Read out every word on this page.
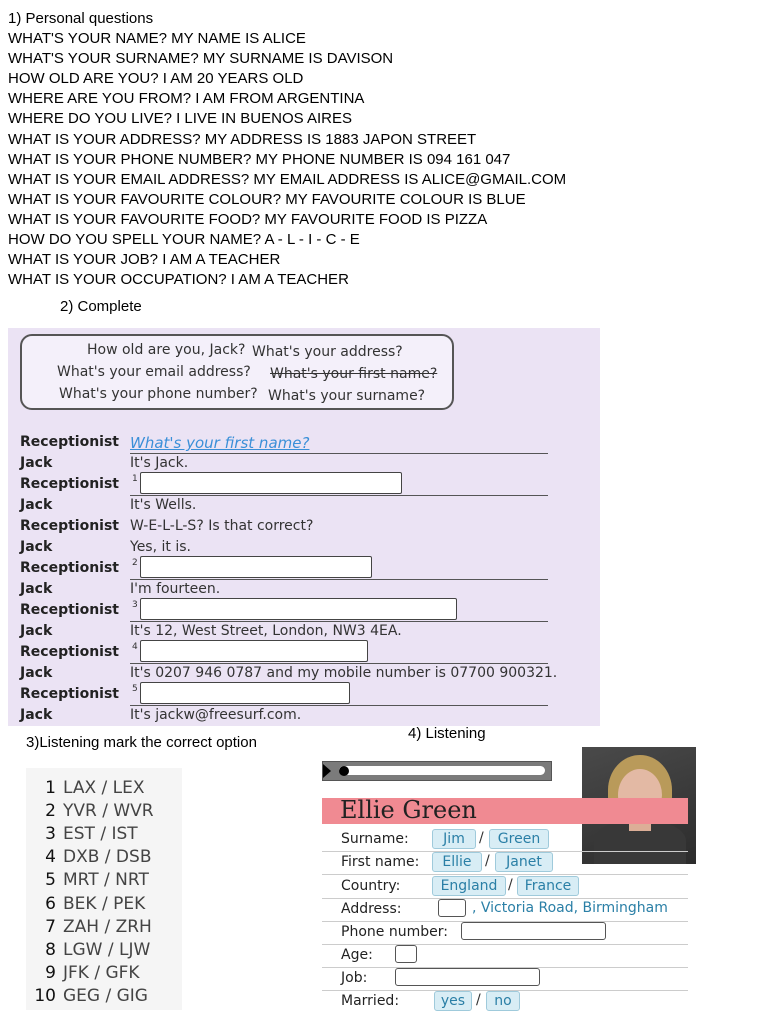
1) Personal questions
WHAT'S YOUR NAME? MY NAME IS ALICE
WHAT'S YOUR SURNAME? MY SURNAME IS DAVISON
HOW OLD ARE YOU? I AM 20 YEARS OLD
WHERE ARE YOU FROM? I AM FROM ARGENTINA
WHERE DO YOU LIVE? I LIVE IN BUENOS AIRES
WHAT IS YOUR ADDRESS? MY ADDRESS IS 1883 JAPON STREET
WHAT IS YOUR PHONE NUMBER? MY PHONE NUMBER IS 094 161 047
WHAT IS YOUR EMAIL ADDRESS? MY EMAIL ADDRESS IS ALICE@GMAIL.COM
WHAT IS YOUR FAVOURITE COLOUR? MY FAVOURITE COLOUR IS BLUE
WHAT IS YOUR FAVOURITE FOOD? MY FAVOURITE FOOD IS PIZZA
HOW DO YOU SPELL YOUR NAME? A - L - I - C - E
WHAT IS YOUR JOB? I AM A TEACHER
WHAT IS YOUR OCCUPATION? I AM A TEACHER
2) Complete
How old are you, Jack? What's your address?
What's your email address? What's your first name?
What's your phone number? What's your surname?
Receptionist What's your first name?
Jack	It's Jack.
Receptionist 1
Jack	It's Wells.
Receptionist W-E-L-L-S? Is that correct?
Jack	Yes, it is.
Receptionist 2
Jack	I'm fourteen.
Receptionist 3
Jack	It's 12, West Street, London, NW3 4EA.
Receptionist 4
Jack	It's 0207 946 0787 and my mobile number is 07700 900321.
Receptionist 5
Jack	It's jackw@freesurf.com.
3)Listening mark the correct option
1 LAX / LEX
2 YVR / WVR
3 EST / IST
4 DXB / DSB
5 MRT / NRT
6 BEK / PEK
7 ZAH / ZRH
8 LGW / LJW
9 JFK / GFK
10 GEG / GIG
4) Listening
Ellie Green
Surname:	Jim	/	Green
First name:	Ellie /	Janet
Country:	England / France
Address:	, Victoria Road, Birmingham
Phone number:
Age:
Job:
Married:	yes / no
